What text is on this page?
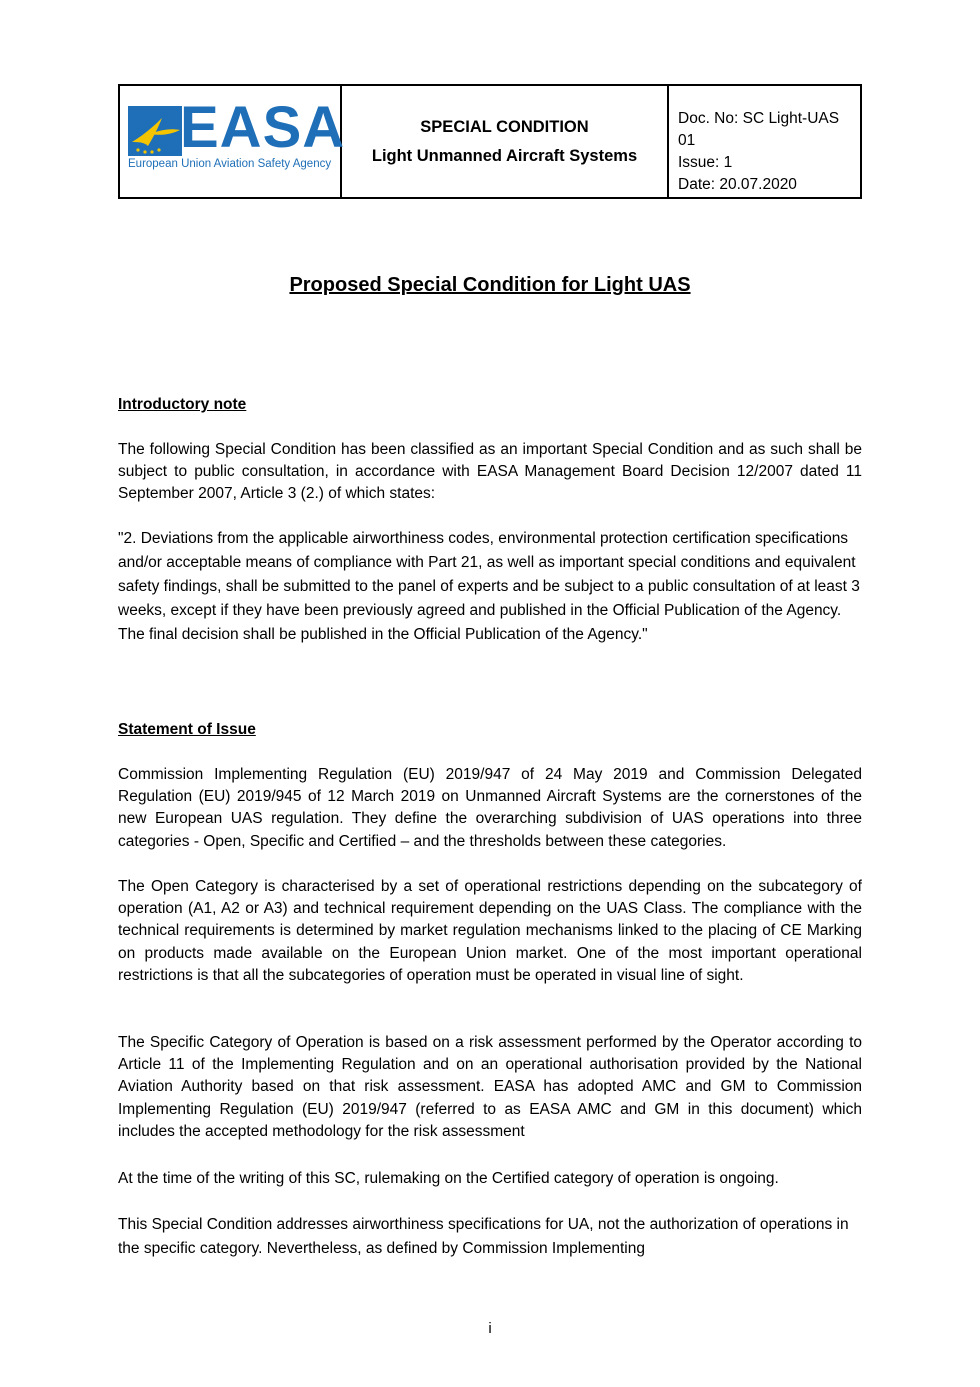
EASA
European Union Aviation Safety Agency
SPECIAL CONDITION
Light Unmanned Aircraft Systems
Doc. No: SC Light-UAS
01
Issue: 1
Date: 20.07.2020
Proposed Special Condition for Light UAS
Introductory note
The following Special Condition has been classified as an important Special Condition and as such shall be subject to public consultation, in accordance with EASA Management Board Decision 12/2007 dated 11 September 2007, Article 3 (2.) of which states:
"2. Deviations from the applicable airworthiness codes, environmental protection certification specifications and/or acceptable means of compliance with Part 21, as well as important special conditions and equivalent safety findings, shall be submitted to the panel of experts and be subject to a public consultation of at least 3 weeks, except if they have been previously agreed and published in the Official Publication of the Agency. The final decision shall be published in the Official Publication of the Agency."
Statement of Issue
Commission Implementing Regulation (EU) 2019/947 of 24 May 2019 and Commission Delegated Regulation (EU) 2019/945 of 12 March 2019 on Unmanned Aircraft Systems are the cornerstones of the new European UAS regulation. They define the overarching subdivision of UAS operations into three categories - Open, Specific and Certified – and the thresholds between these categories.
The Open Category is characterised by a set of operational restrictions depending on the subcategory of operation (A1, A2 or A3) and technical requirement depending on the UAS Class. The compliance with the technical requirements is determined by market regulation mechanisms linked to the placing of CE Marking on products made available on the European Union market. One of the most important operational restrictions is that all the subcategories of operation must be operated in visual line of sight.
The Specific Category of Operation is based on a risk assessment performed by the Operator according to Article 11 of the Implementing Regulation and on an operational authorisation provided by the National Aviation Authority based on that risk assessment. EASA has adopted AMC and GM to Commission Implementing Regulation (EU) 2019/947 (referred to as EASA AMC and GM in this document) which includes the accepted methodology for the risk assessment
At the time of the writing of this SC, rulemaking on the Certified category of operation is ongoing.
This Special Condition addresses airworthiness specifications for UA, not the authorization of operations in the specific category. Nevertheless, as defined by Commission Implementing
i
